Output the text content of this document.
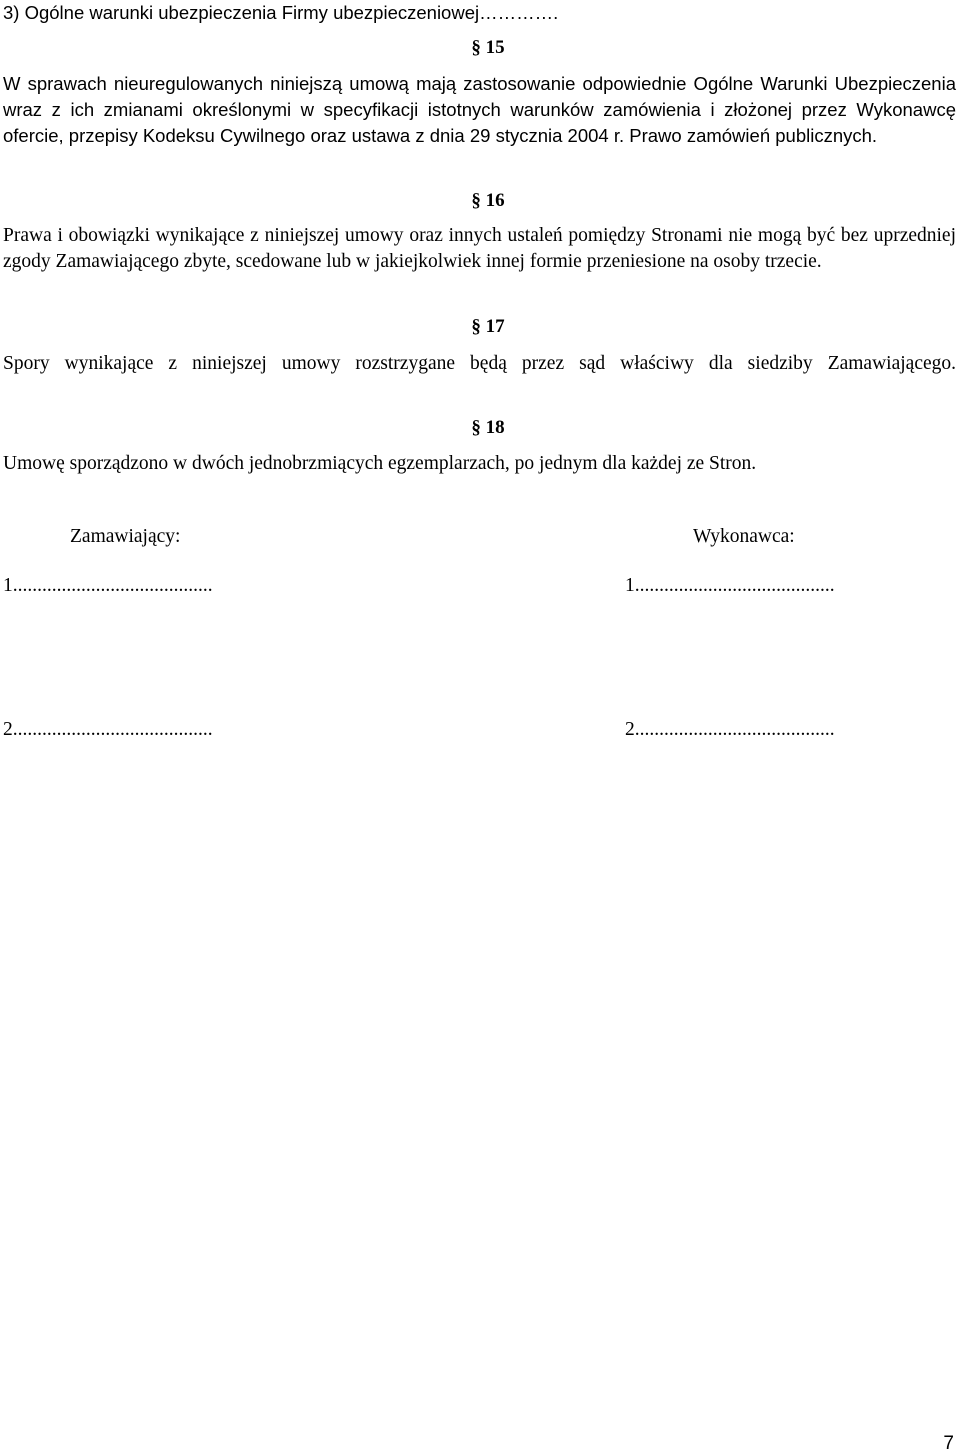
3) Ogólne warunki ubezpieczenia Firmy ubezpieczeniowej………….

§ 15

W sprawach nieuregulowanych niniejszą umową mają zastosowanie odpowiednie Ogólne Warunki Ubezpieczenia wraz z ich zmianami określonymi w specyfikacji istotnych warunków zamówienia i złożonej przez Wykonawcę ofercie, przepisy Kodeksu Cywilnego oraz ustawa z dnia 29 stycznia 2004 r. Prawo zamówień publicznych.

§ 16

Prawa i obowiązki wynikające z niniejszej umowy oraz innych ustaleń pomiędzy Stronami nie mogą być bez uprzedniej zgody Zamawiającego zbyte, scedowane lub w jakiejkolwiek innej formie przeniesione na osoby trzecie.

§ 17

Spory wynikające z niniejszej umowy rozstrzygane będą przez sąd właściwy dla siedziby Zamawiającego.

§ 18

Umowę sporządzono w dwóch jednobrzmiących egzemplarzach, po jednym dla każdej ze Stron.

Zamawiający:	Wykonawca:
1.........................................	1.........................................
2.........................................	2.........................................
7
